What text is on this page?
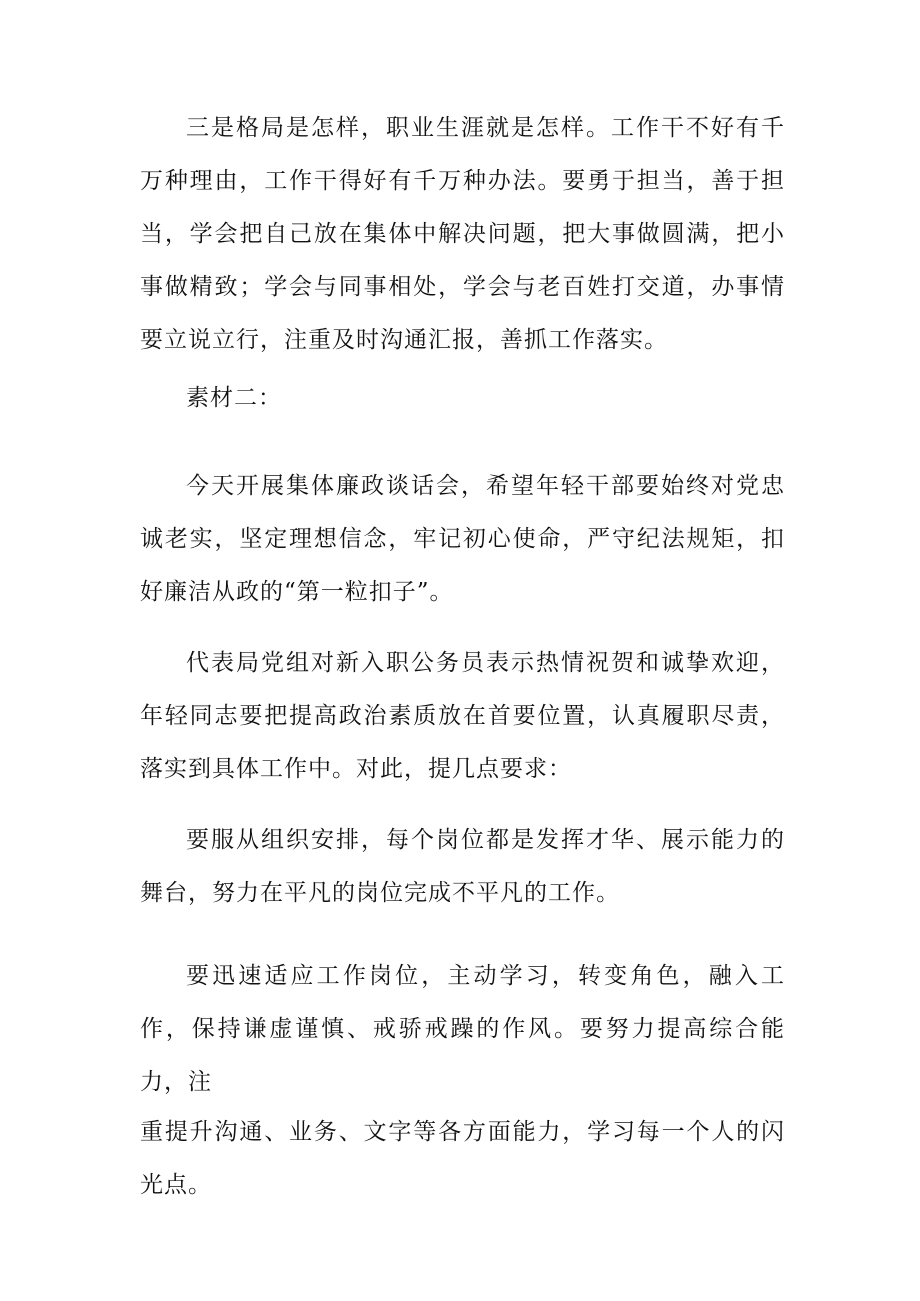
三是格局是怎样，职业生涯就是怎样。工作干不好有千万种理由，工作干得好有千万种办法。要勇于担当，善于担当，学会把自己放在集体中解决问题，把大事做圆满，把小事做精致；学会与同事相处，学会与老百姓打交道，办事情要立说立行，注重及时沟通汇报，善抓工作落实。

素材二：

今天开展集体廉政谈话会，希望年轻干部要始终对党忠诚老实，坚定理想信念，牢记初心使命，严守纪法规矩，扣好廉洁从政的“第一粒扣子”。

代表局党组对新入职公务员表示热情祝贺和诚挚欢迎，年轻同志要把提高政治素质放在首要位置，认真履职尽责，落实到具体工作中。对此，提几点要求：

要服从组织安排，每个岗位都是发挥才华、展示能力的舞台，努力在平凡的岗位完成不平凡的工作。

要迅速适应工作岗位，主动学习，转变角色，融入工作，保持谦虚谨慎、戒骄戒躁的作风。要努力提高综合能力，注

重提升沟通、业务、文字等各方面能力，学习每一个人的闪光点。
